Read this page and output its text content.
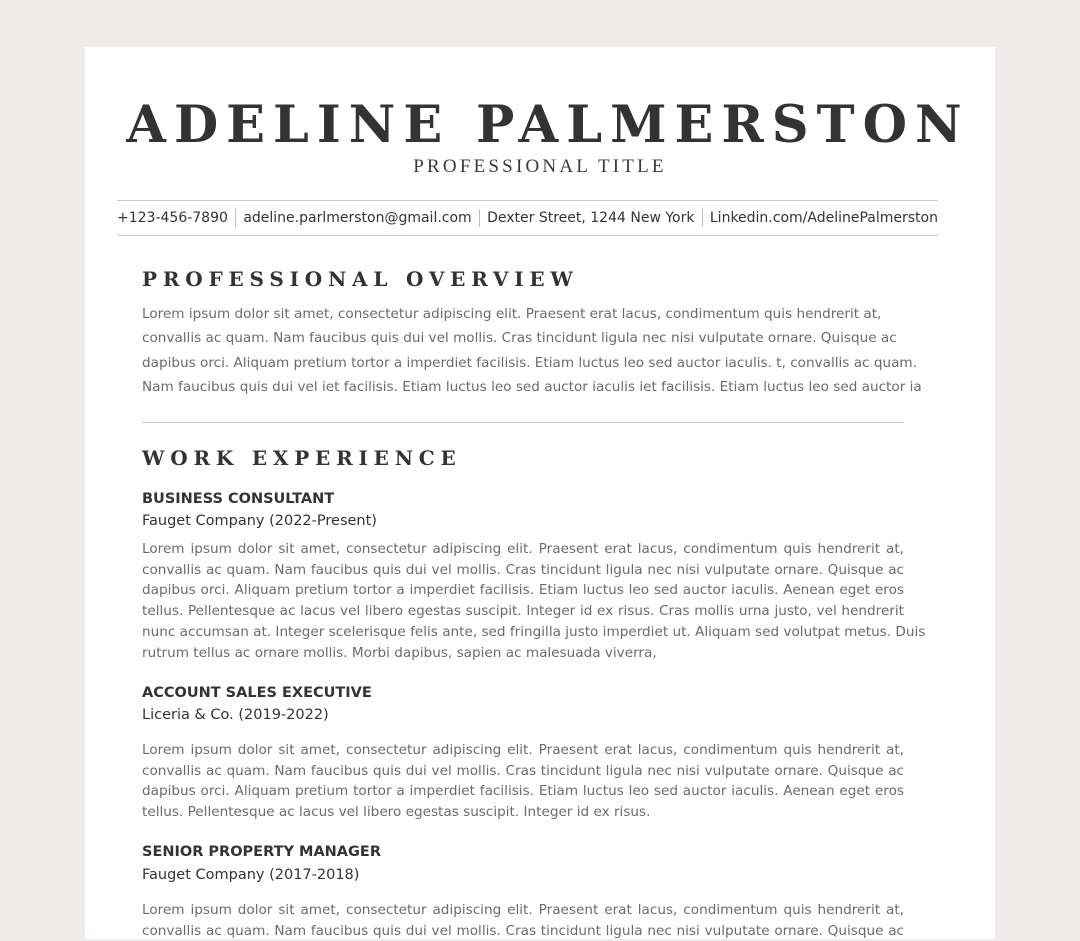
ADELINE PALMERSTON
PROFESSIONAL TITLE
+123-456-7890 adeline.parlmerston@gmail.com Dexter Street, 1244 New York Linkedin.com/AdelinePalmerston
PROFESSIONAL OVERVIEW

Lorem ipsum dolor sit amet, consectetur adipiscing elit. Praesent erat lacus, condimentum quis hendrerit at,
convallis ac quam. Nam faucibus quis dui vel mollis. Cras tincidunt ligula nec nisi vulputate ornare. Quisque ac
dapibus orci. Aliquam pretium tortor a imperdiet facilisis. Etiam luctus leo sed auctor iaculis. t, convallis ac quam.
Nam faucibus quis dui vel iet facilisis. Etiam luctus leo sed auctor iaculis iet facilisis. Etiam luctus leo sed auctor ia

WORK EXPERIENCE
BUSINESS CONSULTANT
Fauget Company (2022-Present)

Lorem ipsum dolor sit amet, consectetur adipiscing elit. Praesent erat lacus, condimentum quis hendrerit at,
convallis ac quam. Nam faucibus quis dui vel mollis. Cras tincidunt ligula nec nisi vulputate ornare. Quisque ac
dapibus orci. Aliquam pretium tortor a imperdiet facilisis. Etiam luctus leo sed auctor iaculis. Aenean eget eros
tellus. Pellentesque ac lacus vel libero egestas suscipit. Integer id ex risus. Cras mollis urna justo, vel hendrerit
nunc accumsan at. Integer scelerisque felis ante, sed fringilla justo imperdiet ut. Aliquam sed volutpat metus. Duis
rutrum tellus ac ornare mollis. Morbi dapibus, sapien ac malesuada viverra,

ACCOUNT SALES EXECUTIVE
Liceria & Co. (2019-2022)

Lorem ipsum dolor sit amet, consectetur adipiscing elit. Praesent erat lacus, condimentum quis hendrerit at,
convallis ac quam. Nam faucibus quis dui vel mollis. Cras tincidunt ligula nec nisi vulputate ornare. Quisque ac
dapibus orci. Aliquam pretium tortor a imperdiet facilisis. Etiam luctus leo sed auctor iaculis. Aenean eget eros
tellus. Pellentesque ac lacus vel libero egestas suscipit. Integer id ex risus.

SENIOR PROPERTY MANAGER
Fauget Company (2017-2018)

Lorem ipsum dolor sit amet, consectetur adipiscing elit. Praesent erat lacus, condimentum quis hendrerit at,
convallis ac quam. Nam faucibus quis dui vel mollis. Cras tincidunt ligula nec nisi vulputate ornare. Quisque ac
